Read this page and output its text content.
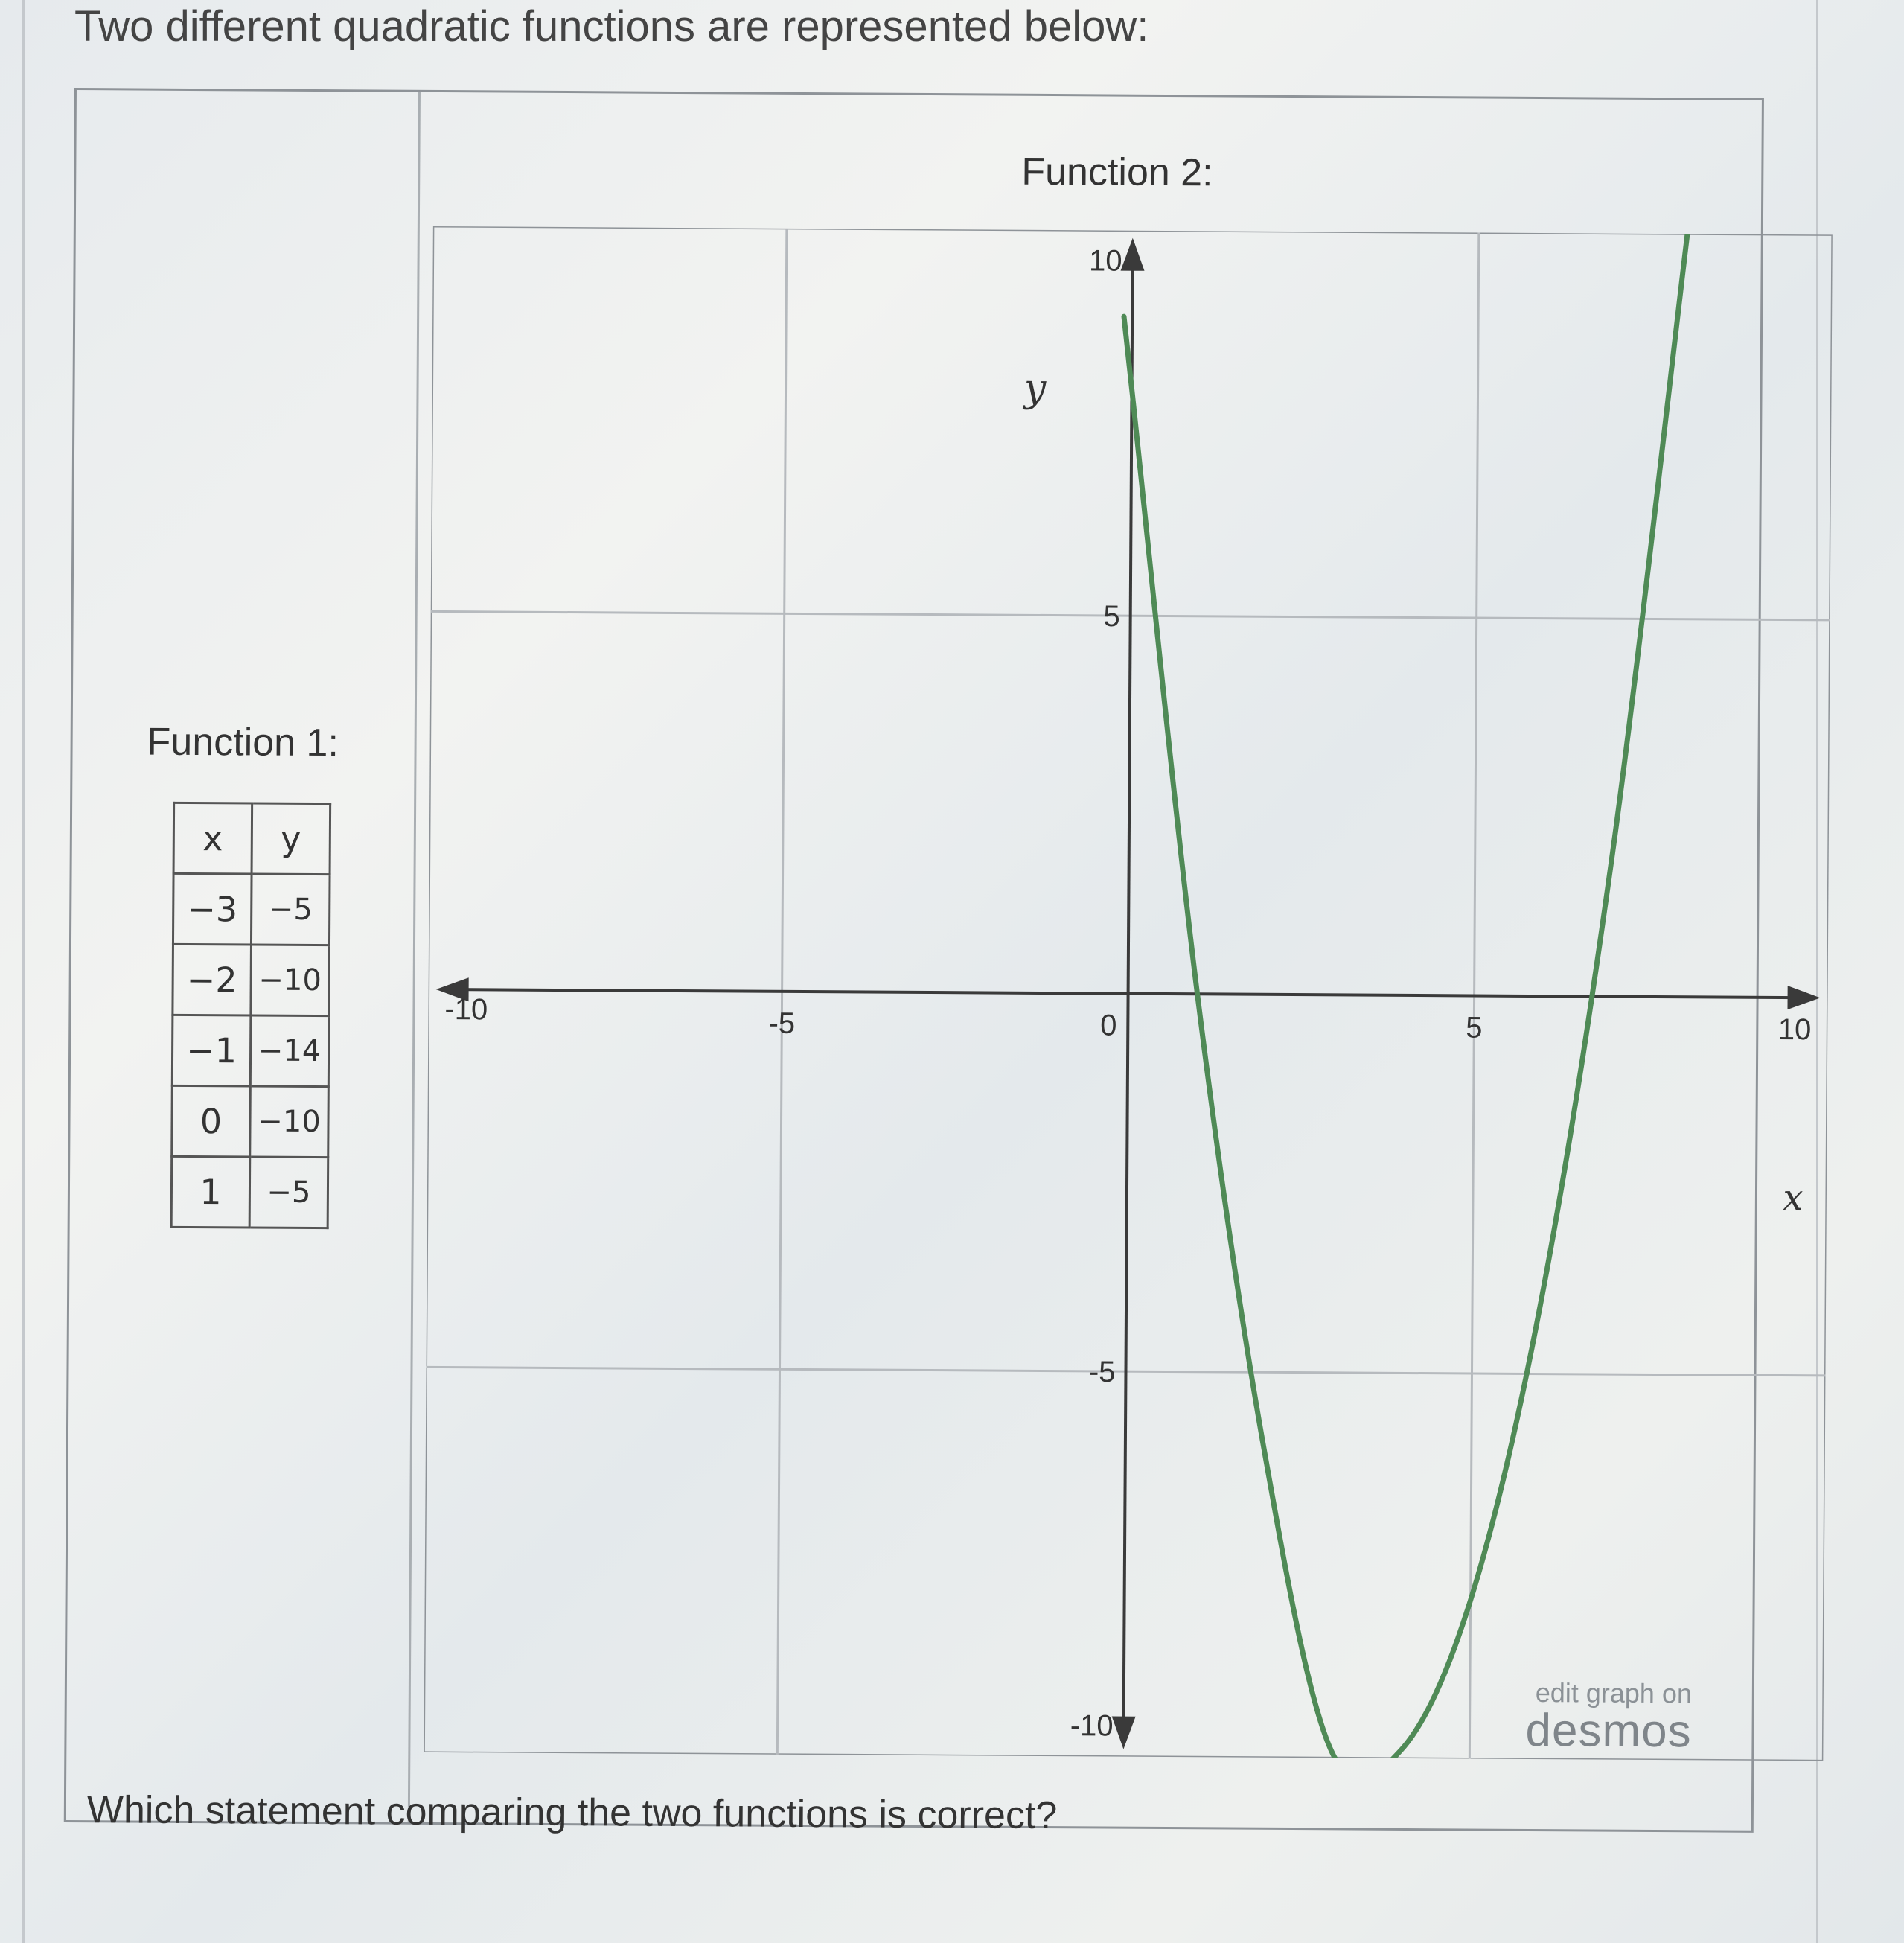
Two different quadratic functions are represented below:
Function 1:
x	y
−3	−5
−2	−10
−1	−14
0	−10
1	−5
Function 2:
-10	-5	0	5	10
10
5
-5
-10
x
y
edit graph on
desmos
Which statement comparing the two functions is correct?
